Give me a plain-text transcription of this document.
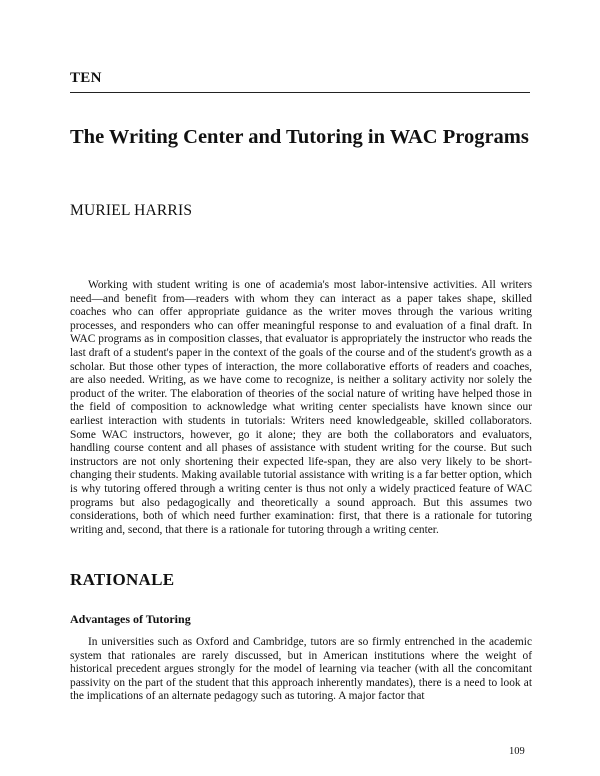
TEN
The Writing Center and Tutoring in WAC Programs
MURIEL HARRIS

Working with student writing is one of academia's most labor-intensive activities. All writers need—and benefit from—readers with whom they can interact as a paper takes shape, skilled coaches who can offer appropriate guidance as the writer moves through the various writing processes, and responders who can offer meaningful response to and evaluation of a final draft. In WAC programs as in composition classes, that evaluator is appropriately the instructor who reads the last draft of a student's paper in the context of the goals of the course and of the student's growth as a scholar. But those other types of interaction, the more collaborative efforts of readers and coaches, are also needed. Writing, as we have come to recognize, is neither a solitary activity nor solely the product of the writer. The elaboration of theories of the social nature of writing have helped those in the field of composition to acknowledge what writing center specialists have known since our earliest interaction with students in tutorials: Writers need knowledgeable, skilled collaborators. Some WAC instructors, however, go it alone; they are both the collaborators and evaluators, handling course content and all phases of assistance with student writing for the course. But such instructors are not only shortening their expected life-span, they are also very likely to be short-changing their students. Making available tutorial assistance with writing is a far better option, which is why tutoring offered through a writing center is thus not only a widely practiced feature of WAC programs but also pedagogically and theoretically a sound approach. But this assumes two considerations, both of which need further examination: first, that there is a rationale for tutoring writing and, second, that there is a rationale for tutoring through a writing center.

RATIONALE
Advantages of Tutoring

In universities such as Oxford and Cambridge, tutors are so firmly entrenched in the academic system that rationales are rarely discussed, but in American institutions where the weight of historical precedent argues strongly for the model of learning via teacher (with all the concomitant passivity on the part of the student that this approach inherently mandates), there is a need to look at the implications of an alternate pedagogy such as tutoring. A major factor that

109
